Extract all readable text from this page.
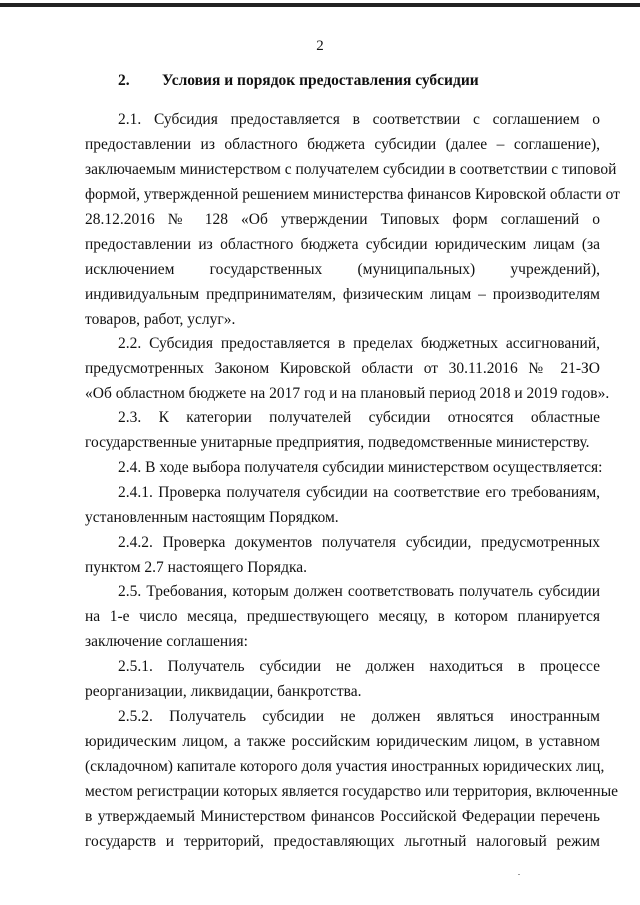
2
2. Условия и порядок предоставления субсидии
2.1. Субсидия предоставляется в соответствии с соглашением о
предоставлении из областного бюджета субсидии (далее – соглашение),
заключаемым министерством с получателем субсидии в соответствии с типовой
формой, утвержденной решением министерства финансов Кировской области от
28.12.2016 № 128 «Об утверждении Типовых форм соглашений о
предоставлении из областного бюджета субсидии юридическим лицам (за
исключением государственных (муниципальных) учреждений),
индивидуальным предпринимателям, физическим лицам – производителям
товаров, работ, услуг».
2.2. Субсидия предоставляется в пределах бюджетных ассигнований,
предусмотренных Законом Кировской области от 30.11.2016 № 21-ЗО
«Об областном бюджете на 2017 год и на плановый период 2018 и 2019 годов».
2.3. К категории получателей субсидии относятся областные
государственные унитарные предприятия, подведомственные министерству.
2.4. В ходе выбора получателя субсидии министерством осуществляется:
2.4.1. Проверка получателя субсидии на соответствие его требованиям,
установленным настоящим Порядком.
2.4.2. Проверка документов получателя субсидии, предусмотренных
пунктом 2.7 настоящего Порядка.
2.5. Требования, которым должен соответствовать получатель субсидии
на 1-е число месяца, предшествующего месяцу, в котором планируется
заключение соглашения:
2.5.1. Получатель субсидии не должен находиться в процессе
реорганизации, ликвидации, банкротства.
2.5.2. Получатель субсидии не должен являться иностранным
юридическим лицом, а также российским юридическим лицом, в уставном
(складочном) капитале которого доля участия иностранных юридических лиц,
местом регистрации которых является государство или территория, включенные
в утверждаемый Министерством финансов Российской Федерации перечень
государств и территорий, предоставляющих льготный налоговый режим
